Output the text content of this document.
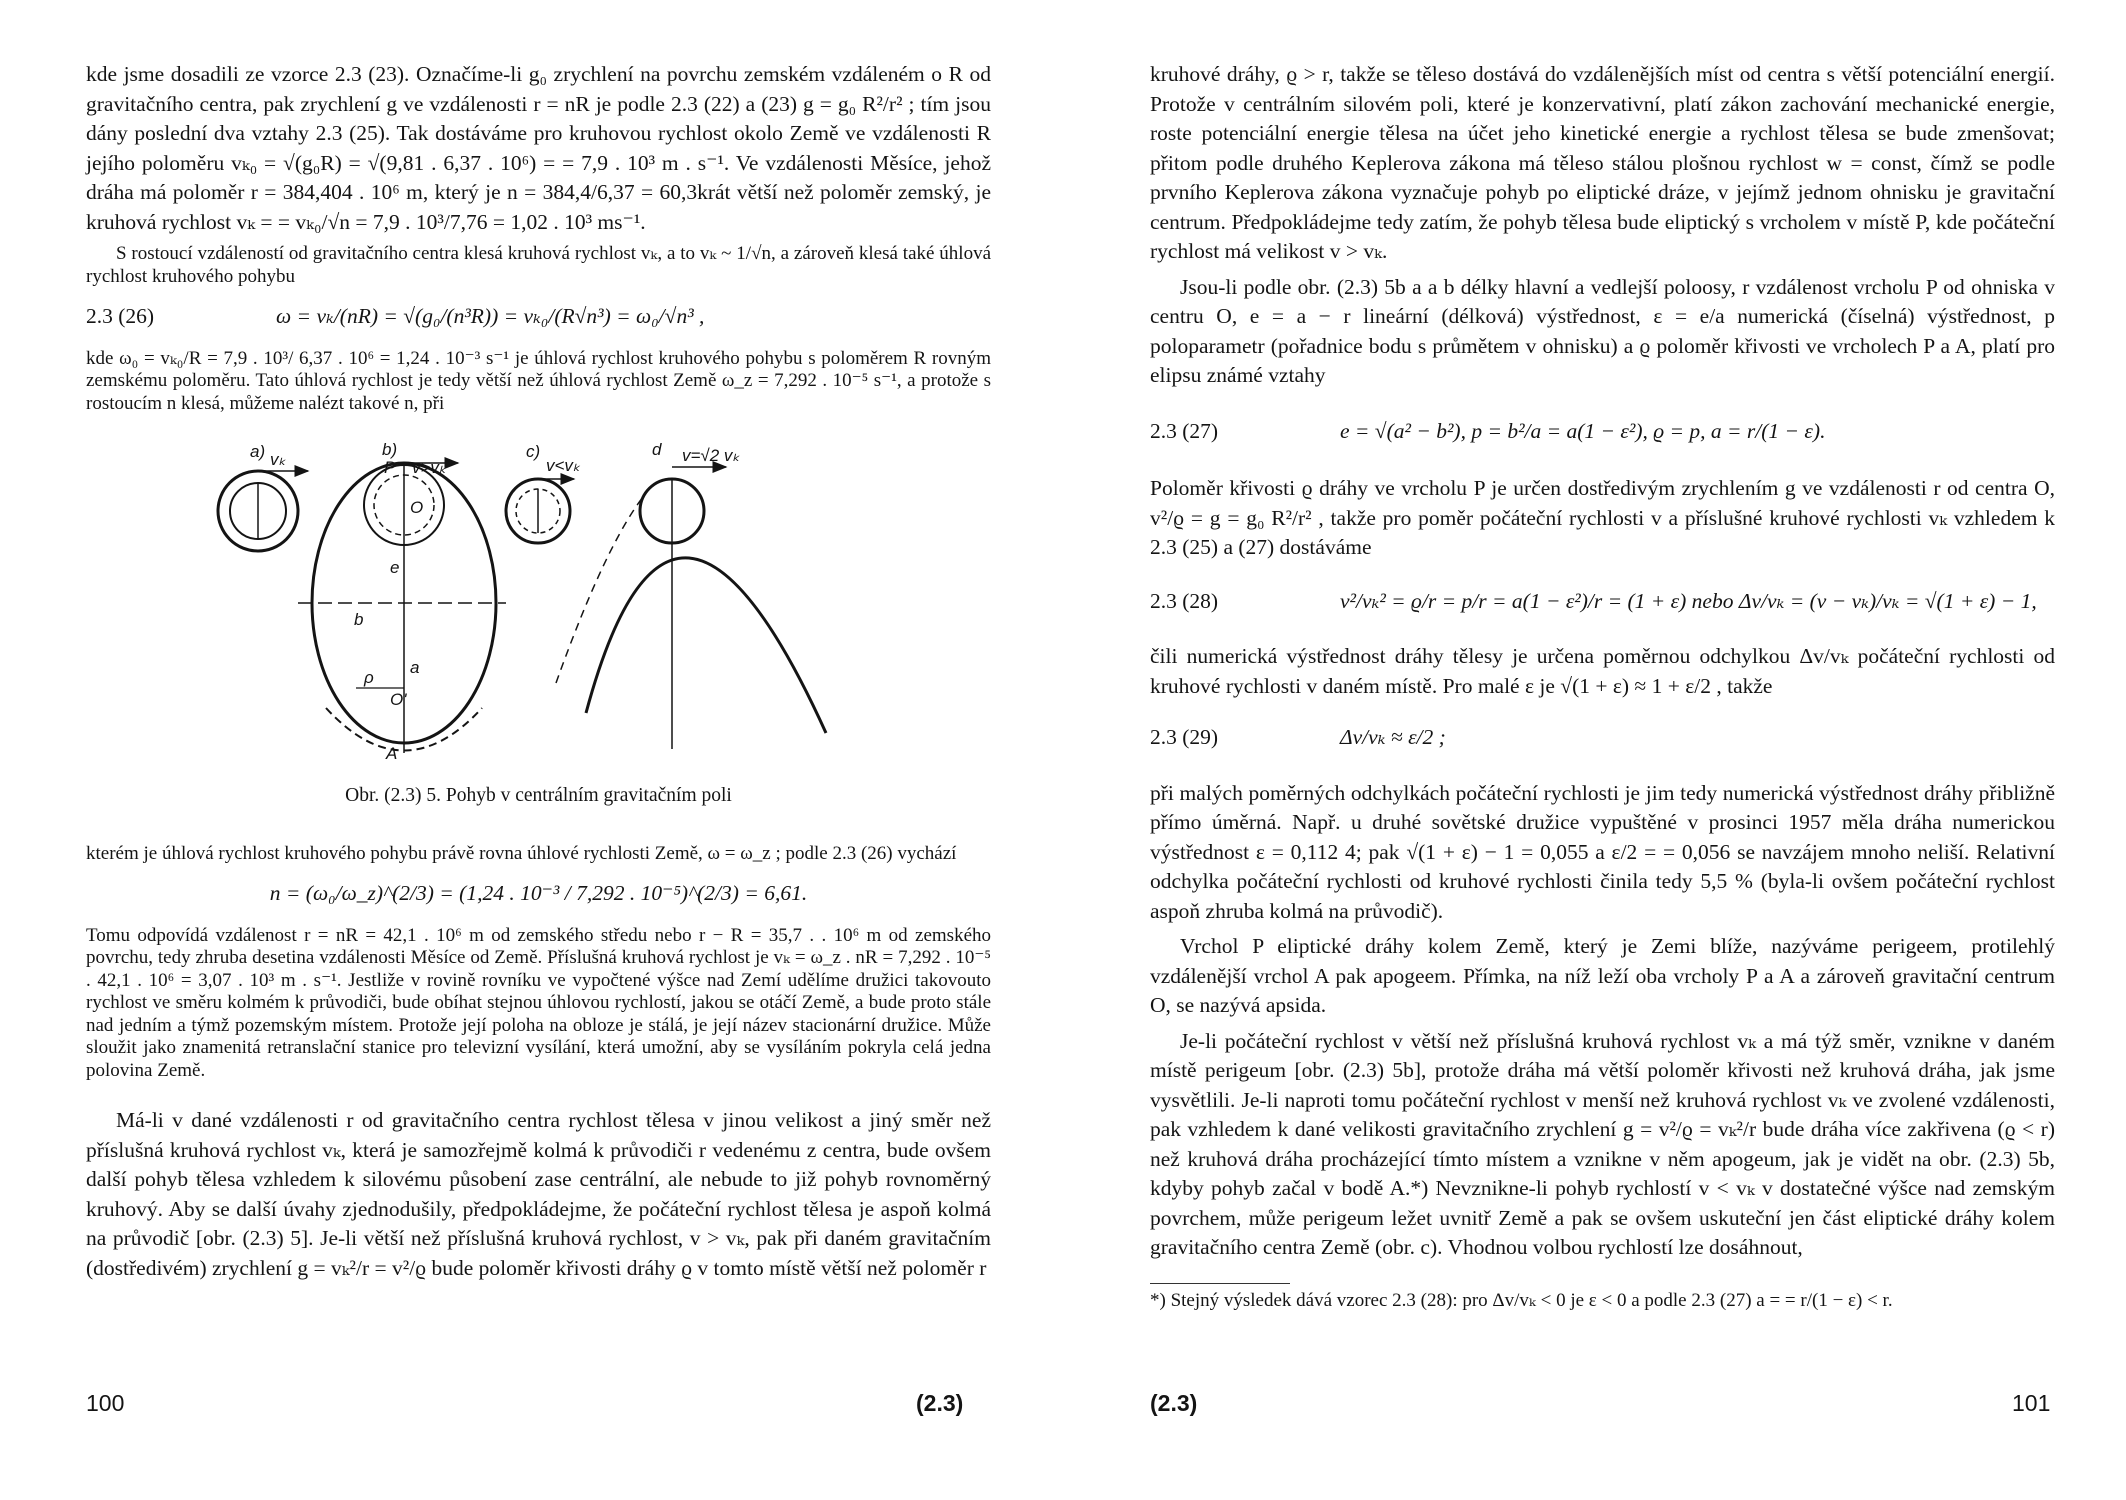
kde jsme dosadili ze vzorce 2.3 (23). Označíme-li g₀ zrychlení na povrchu zemském vzdáleném o R od gravitačního centra, pak zrychlení g ve vzdálenosti r = nR je podle 2.3 (22) a (23) g = g₀ R²/r² ; tím jsou dány poslední dva vztahy 2.3 (25). Tak dostáváme pro kruhovou rychlost okolo Země ve vzdálenosti R jejího poloměru vₖ₀ = √(g₀R) = √(9,81 . 6,37 . 10⁶) = = 7,9 . 10³ m . s⁻¹. Ve vzdálenosti Měsíce, jehož dráha má poloměr r = 384,404 . 10⁶ m, který je n = 384,4/6,37 = 60,3krát větší než poloměr zemský, je kruhová rychlost vₖ = = vₖ₀/√n = 7,9 . 10³/7,76 = 1,02 . 10³ ms⁻¹.

S rostoucí vzdáleností od gravitačního centra klesá kruhová rychlost vₖ, a to vₖ ~ 1/√n, a zároveň klesá také úhlová rychlost kruhového pohybu

2.3 (26)	ω = vₖ/(nR) = √(g₀/(n³R)) = vₖ₀/(R√n³) = ω₀/√n³ ,

kde ω₀ = vₖ₀/R = 7,9 . 10³/ 6,37 . 10⁶ = 1,24 . 10⁻³ s⁻¹ je úhlová rychlost kruhového pohybu s poloměrem R rovným zemskému poloměru. Tato úhlová rychlost je tedy větší než úhlová rychlost Země ω_z = 7,292 . 10⁻⁵ s⁻¹, a protože s rostoucím n klesá, můžeme nalézt takové n, při

a) vₖ
b)
P v>vₖ
O
e
b
ρ
a
O'
A
c)
v<vₖ
d v=√2 vₖ

Obr. (2.3) 5. Pohyb v centrálním gravitačním poli

kterém je úhlová rychlost kruhového pohybu právě rovna úhlové rychlosti Země, ω = ω_z ; podle 2.3 (26) vychází

n = (ω₀/ω_z)^(2/3) = (1,24 . 10⁻³ / 7,292 . 10⁻⁵)^(2/3) = 6,61.

Tomu odpovídá vzdálenost r = nR = 42,1 . 10⁶ m od zemského středu nebo r − R = 35,7 . . 10⁶ m od zemského povrchu, tedy zhruba desetina vzdálenosti Měsíce od Země. Příslušná kruhová rychlost je vₖ = ω_z . nR = 7,292 . 10⁻⁵ . 42,1 . 10⁶ = 3,07 . 10³ m . s⁻¹. Jestliže v rovině rovníku ve vypočtené výšce nad Zemí udělíme družici takovouto rychlost ve směru kolmém k průvodiči, bude obíhat stejnou úhlovou rychlostí, jakou se otáčí Země, a bude proto stále nad jedním a týmž pozemským místem. Protože její poloha na obloze je stálá, je její název stacionární družice. Může sloužit jako znamenitá retranslační stanice pro televizní vysílání, která umožní, aby se vysíláním pokryla celá jedna polovina Země.

Má-li v dané vzdálenosti r od gravitačního centra rychlost tělesa v jinou velikost a jiný směr než příslušná kruhová rychlost vₖ, která je samozřejmě kolmá k průvodiči r vedenému z centra, bude ovšem další pohyb tělesa vzhledem k silovému působení zase centrální, ale nebude to již pohyb rovnoměrný kruhový. Aby se další úvahy zjednodušily, předpokládejme, že počáteční rychlost tělesa je aspoň kolmá na průvodič [obr. (2.3) 5]. Je-li větší než příslušná kruhová rychlost, v > vₖ, pak při daném gravitačním (dostředivém) zrychlení g = vₖ²/r = v²/ϱ bude poloměr křivosti dráhy ϱ v tomto místě větší než poloměr r

100	(2.3)

kruhové dráhy, ϱ > r, takže se těleso dostává do vzdálenějších míst od centra s větší potenciální energií. Protože v centrálním silovém poli, které je konzervativní, platí zákon zachování mechanické energie, roste potenciální energie tělesa na účet jeho kinetické energie a rychlost tělesa se bude zmenšovat; přitom podle druhého Keplerova zákona má těleso stálou plošnou rychlost w = const, čímž se podle prvního Keplerova zákona vyznačuje pohyb po eliptické dráze, v jejímž jednom ohnisku je gravitační centrum. Předpokládejme tedy zatím, že pohyb tělesa bude eliptický s vrcholem v místě P, kde počáteční rychlost má velikost v > vₖ.

Jsou-li podle obr. (2.3) 5b a a b délky hlavní a vedlejší poloosy, r vzdálenost vrcholu P od ohniska v centru O, e = a − r lineární (délková) výstřednost, ε = e/a numerická (číselná) výstřednost, p poloparametr (pořadnice bodu s průmětem v ohnisku) a ϱ poloměr křivosti ve vrcholech P a A, platí pro elipsu známé vztahy

2.3 (27)	e = √(a² − b²), p = b²/a = a(1 − ε²), ϱ = p, a = r/(1 − ε).

Poloměr křivosti ϱ dráhy ve vrcholu P je určen dostředivým zrychlením g ve vzdálenosti r od centra O, v²/ϱ = g = g₀ R²/r² , takže pro poměr počáteční rychlosti v a příslušné kruhové rychlosti vₖ vzhledem k 2.3 (25) a (27) dostáváme

2.3 (28)	v²/vₖ² = ϱ/r = p/r = a(1 − ε²)/r = (1 + ε) nebo Δv/vₖ = (v − vₖ)/vₖ = √(1 + ε) − 1,

čili numerická výstřednost dráhy tělesy je určena poměrnou odchylkou Δv/vₖ počáteční rychlosti od kruhové rychlosti v daném místě. Pro malé ε je √(1 + ε) ≈ 1 + ε/2 , takže

2.3 (29)	Δv/vₖ ≈ ε/2 ;

při malých poměrných odchylkách počáteční rychlosti je jim tedy numerická výstřednost dráhy přibližně přímo úměrná. Např. u druhé sovětské družice vypuštěné v prosinci 1957 měla dráha numerickou výstřednost ε = 0,112 4; pak √(1 + ε) − 1 = 0,055 a ε/2 = = 0,056 se navzájem mnoho neliší. Relativní odchylka počáteční rychlosti od kruhové rychlosti činila tedy 5,5 % (byla-li ovšem počáteční rychlost aspoň zhruba kolmá na průvodič).

Vrchol P eliptické dráhy kolem Země, který je Zemi blíže, nazýváme perigeem, protilehlý vzdálenější vrchol A pak apogeem. Přímka, na níž leží oba vrcholy P a A a zároveň gravitační centrum O, se nazývá apsida.

Je-li počáteční rychlost v větší než příslušná kruhová rychlost vₖ a má týž směr, vznikne v daném místě perigeum [obr. (2.3) 5b], protože dráha má větší poloměr křivosti než kruhová dráha, jak jsme vysvětlili. Je-li naproti tomu počáteční rychlost v menší než kruhová rychlost vₖ ve zvolené vzdálenosti, pak vzhledem k dané velikosti gravitačního zrychlení g = v²/ϱ = vₖ²/r bude dráha více zakřivena (ϱ < r) než kruhová dráha procházející tímto místem a vznikne v něm apogeum, jak je vidět na obr. (2.3) 5b, kdyby pohyb začal v bodě A.*) Nevznikne-li pohyb rychlostí v < vₖ v dostatečné výšce nad zemským povrchem, může perigeum ležet uvnitř Země a pak se ovšem uskuteční jen část eliptické dráhy kolem gravitačního centra Země (obr. c). Vhodnou volbou rychlostí lze dosáhnout,

*) Stejný výsledek dává vzorec 2.3 (28): pro Δv/vₖ < 0 je ε < 0 a podle 2.3 (27) a = = r/(1 − ε) < r.

(2.3)	101
